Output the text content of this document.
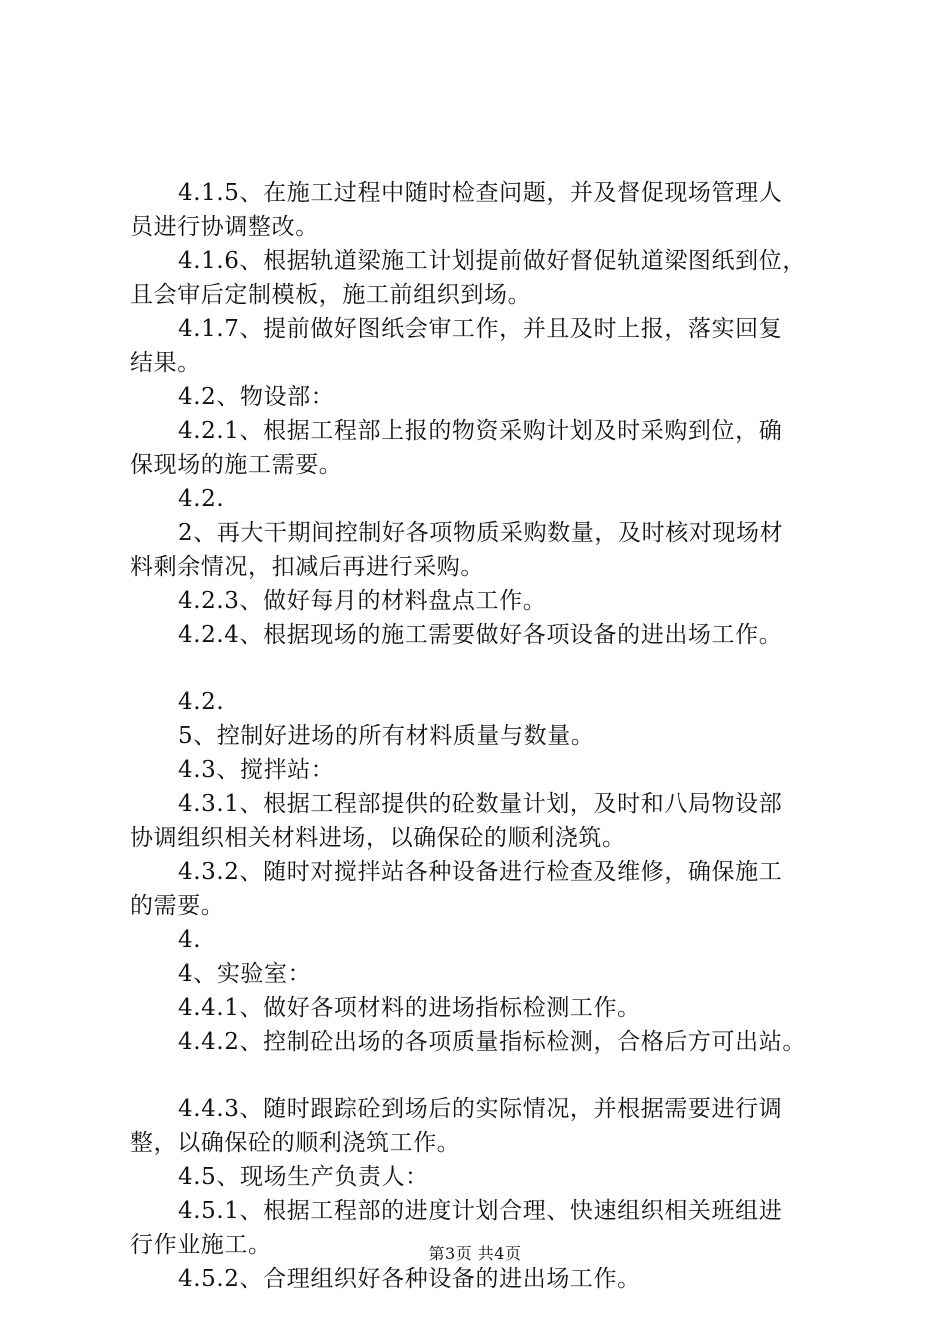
4.1.5、在施工过程中随时检查问题，并及督促现场管理人
员进行协调整改。
4.1.6、根据轨道梁施工计划提前做好督促轨道梁图纸到位，
且会审后定制模板，施工前组织到场。
4.1.7、提前做好图纸会审工作，并且及时上报，落实回复
结果。
4.2、物设部：
4.2.1、根据工程部上报的物资采购计划及时采购到位，确
保现场的施工需要。
4.2.
2、再大干期间控制好各项物质采购数量，及时核对现场材
料剩余情况，扣减后再进行采购。
4.2.3、做好每月的材料盘点工作。
4.2.4、根据现场的施工需要做好各项设备的进出场工作。
4.2.
5、控制好进场的所有材料质量与数量。
4.3、搅拌站：
4.3.1、根据工程部提供的砼数量计划，及时和八局物设部
协调组织相关材料进场，以确保砼的顺利浇筑。
4.3.2、随时对搅拌站各种设备进行检查及维修，确保施工
的需要。
4.
4、实验室：
4.4.1、做好各项材料的进场指标检测工作。
4.4.2、控制砼出场的各项质量指标检测，合格后方可出站。
4.4.3、随时跟踪砼到场后的实际情况，并根据需要进行调
整，以确保砼的顺利浇筑工作。
4.5、现场生产负责人：
4.5.1、根据工程部的进度计划合理、快速组织相关班组进
行作业施工。
4.5.2、合理组织好各种设备的进出场工作。
第3页 共4页
